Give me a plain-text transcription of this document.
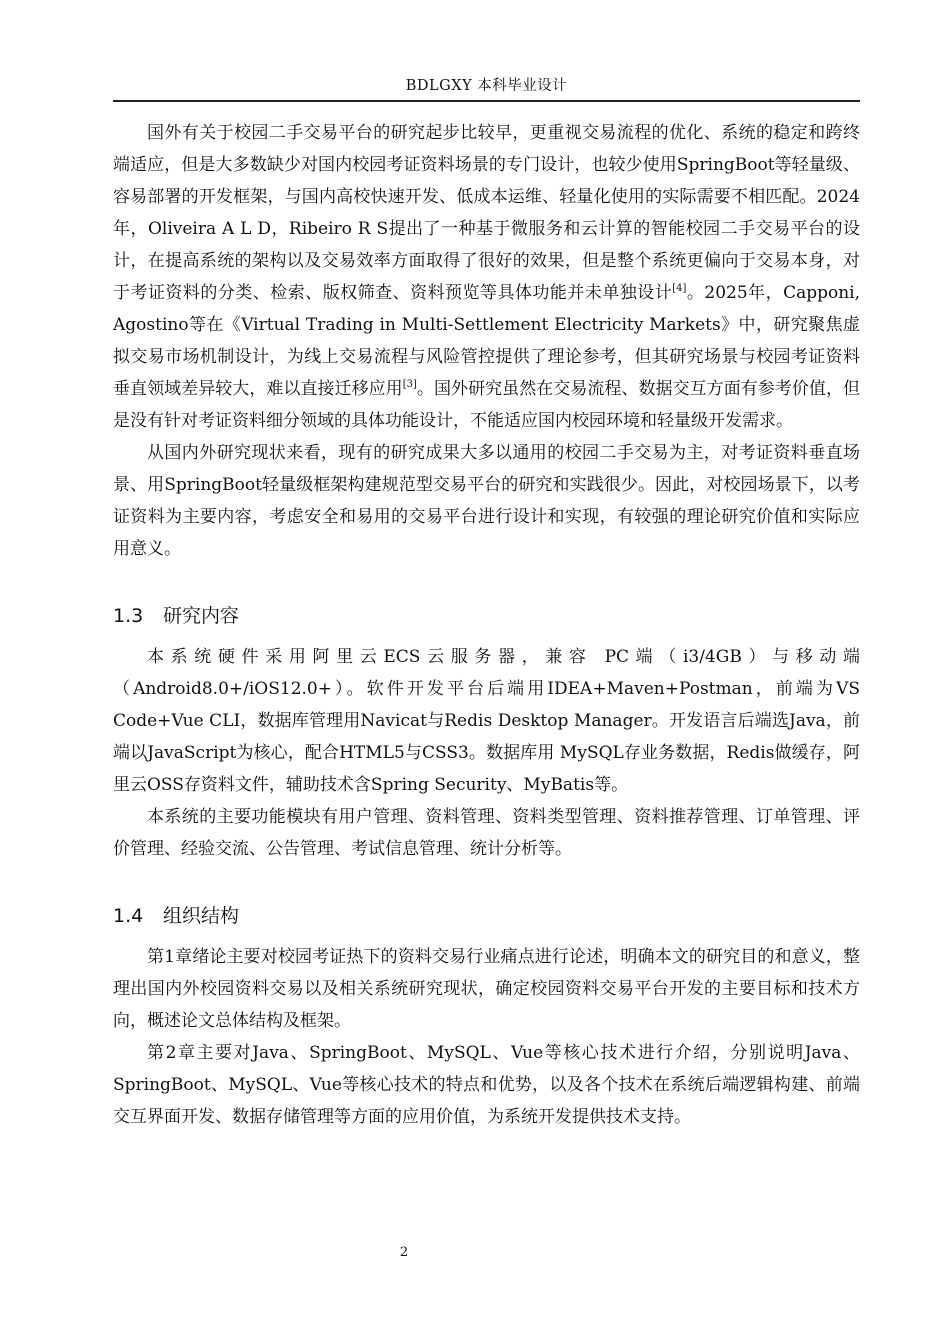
BDLGXY 本科毕业设计

国外有关于校园二手交易平台的研究起步比较早，更重视交易流程的优化、系统的稳定和跨终端适应，但是大多数缺少对国内校园考证资料场景的专门设计，也较少使用SpringBoot等轻量级、容易部署的开发框架，与国内高校快速开发、低成本运维、轻量化使用的实际需要不相匹配。2024年，Oliveira A L D，Ribeiro R S提出了一种基于微服务和云计算的智能校园二手交易平台的设计，在提高系统的架构以及交易效率方面取得了很好的效果，但是整个系统更偏向于交易本身，对于考证资料的分类、检索、版权筛查、资料预览等具体功能并未单独设计[4]。2025年，Capponi, Agostino等在《Virtual Trading in Multi-Settlement Electricity Markets》中，研究聚焦虚拟交易市场机制设计，为线上交易流程与风险管控提供了理论参考，但其研究场景与校园考证资料垂直领域差异较大，难以直接迁移应用[3]。国外研究虽然在交易流程、数据交互方面有参考价值，但是没有针对考证资料细分领域的具体功能设计，不能适应国内校园环境和轻量级开发需求。

从国内外研究现状来看，现有的研究成果大多以通用的校园二手交易为主，对考证资料垂直场景、用SpringBoot轻量级框架构建规范型交易平台的研究和实践很少。因此，对校园场景下，以考证资料为主要内容，考虑安全和易用的交易平台进行设计和实现，有较强的理论研究价值和实际应用意义。

1.3 研究内容

本系统硬件采用阿里云ECS云服务器，兼容 PC端（i3/4GB）与移动端（Android8.0+/iOS12.0+）。软件开发平台后端用IDEA+Maven+Postman，前端为VS Code+Vue CLI，数据库管理用Navicat与Redis Desktop Manager。开发语言后端选Java，前端以JavaScript为核心，配合HTML5与CSS3。数据库用 MySQL存业务数据，Redis做缓存，阿里云OSS存资料文件，辅助技术含Spring Security、MyBatis等。

本系统的主要功能模块有用户管理、资料管理、资料类型管理、资料推荐管理、订单管理、评价管理、经验交流、公告管理、考试信息管理、统计分析等。

1.4 组织结构

第1章绪论主要对校园考证热下的资料交易行业痛点进行论述，明确本文的研究目的和意义，整理出国内外校园资料交易以及相关系统研究现状，确定校园资料交易平台开发的主要目标和技术方向，概述论文总体结构及框架。

第2章主要对Java、SpringBoot、MySQL、Vue等核心技术进行介绍，分别说明Java、SpringBoot、MySQL、Vue等核心技术的特点和优势，以及各个技术在系统后端逻辑构建、前端交互界面开发、数据存储管理等方面的应用价值，为系统开发提供技术支持。

2
